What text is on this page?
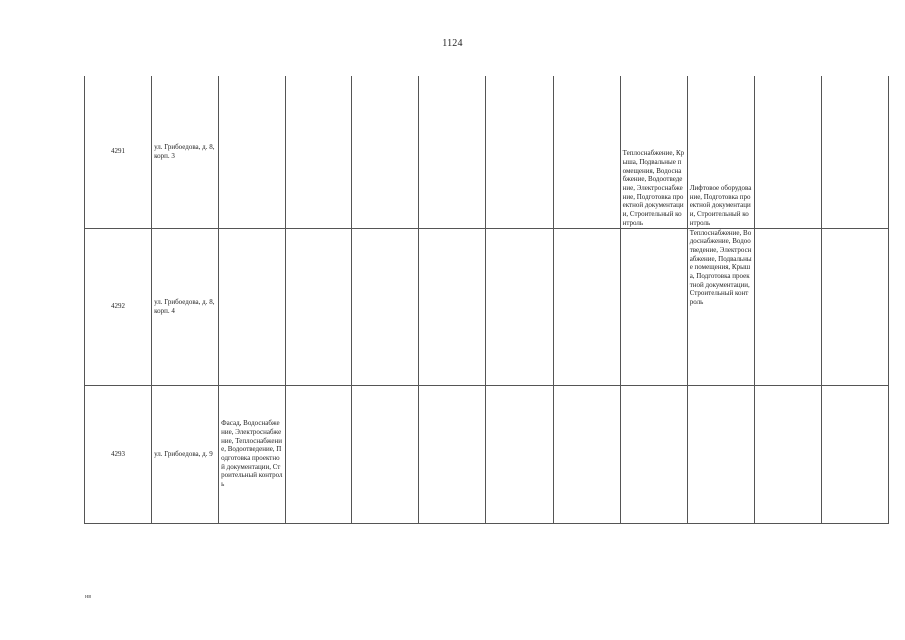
1124
4291	ул. Грибоедова, д. 8, корп. 3							Теплоснабжение, Крыша, Подвальные помещения, Водоснабжение, Водоотведение, Электроснабжение, Подготовка проектной документации, Строительный контроль	Лифтовое оборудование, Подготовка проектной документации, Строительный контроль		
4292	ул. Грибоедова, д. 8, корп. 4								Теплоснабжение, Водоснабжение, Водоотведение, Электроснабжение, Подвальные помещения, Крыша, Подготовка проектной документации, Строительный контроль		
4293	ул. Грибоедова, д. 9	Фасад, Водоснабжение, Электроснабжение, Теплоснабжение, Водоотведение, Подготовка проектной документации, Строительный контроль									
нв
